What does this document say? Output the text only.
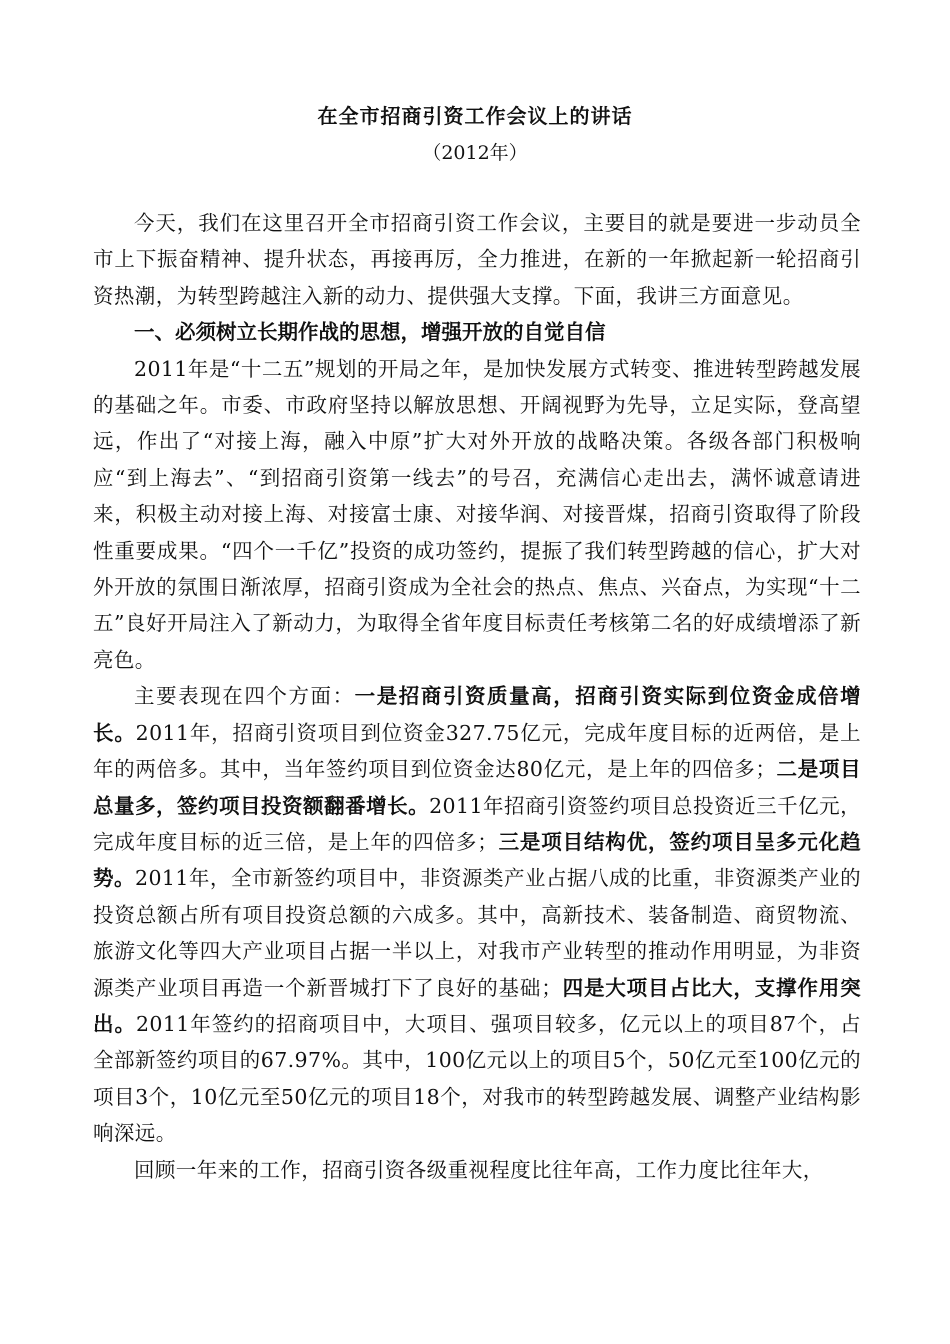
在全市招商引资工作会议上的讲话

（2012年）

今天，我们在这里召开全市招商引资工作会议，主要目的就是要进一步动员全市上下振奋精神、提升状态，再接再厉，全力推进，在新的一年掀起新一轮招商引资热潮，为转型跨越注入新的动力、提供强大支撑。下面，我讲三方面意见。

一、必须树立长期作战的思想，增强开放的自觉自信

2011年是“十二五”规划的开局之年，是加快发展方式转变、推进转型跨越发展的基础之年。市委、市政府坚持以解放思想、开阔视野为先导，立足实际，登高望远，作出了“对接上海，融入中原”扩大对外开放的战略决策。各级各部门积极响应“到上海去”、“到招商引资第一线去”的号召，充满信心走出去，满怀诚意请进来，积极主动对接上海、对接富士康、对接华润、对接晋煤，招商引资取得了阶段性重要成果。“四个一千亿”投资的成功签约，提振了我们转型跨越的信心，扩大对外开放的氛围日渐浓厚，招商引资成为全社会的热点、焦点、兴奋点，为实现“十二五”良好开局注入了新动力，为取得全省年度目标责任考核第二名的好成绩增添了新亮色。

主要表现在四个方面：一是招商引资质量高，招商引资实际到位资金成倍增长。2011年，招商引资项目到位资金327.75亿元，完成年度目标的近两倍，是上年的两倍多。其中，当年签约项目到位资金达80亿元，是上年的四倍多；二是项目总量多，签约项目投资额翻番增长。2011年招商引资签约项目总投资近三千亿元，完成年度目标的近三倍，是上年的四倍多；三是项目结构优，签约项目呈多元化趋势。2011年，全市新签约项目中，非资源类产业占据八成的比重，非资源类产业的投资总额占所有项目投资总额的六成多。其中，高新技术、装备制造、商贸物流、旅游文化等四大产业项目占据一半以上，对我市产业转型的推动作用明显，为非资源类产业项目再造一个新晋城打下了良好的基础；四是大项目占比大，支撑作用突出。2011年签约的招商项目中，大项目、强项目较多，亿元以上的项目87个，占全部新签约项目的67.97%。其中，100亿元以上的项目5个，50亿元至100亿元的项目3个，10亿元至50亿元的项目18个，对我市的转型跨越发展、调整产业结构影响深远。

回顾一年来的工作，招商引资各级重视程度比往年高，工作力度比往年大，
